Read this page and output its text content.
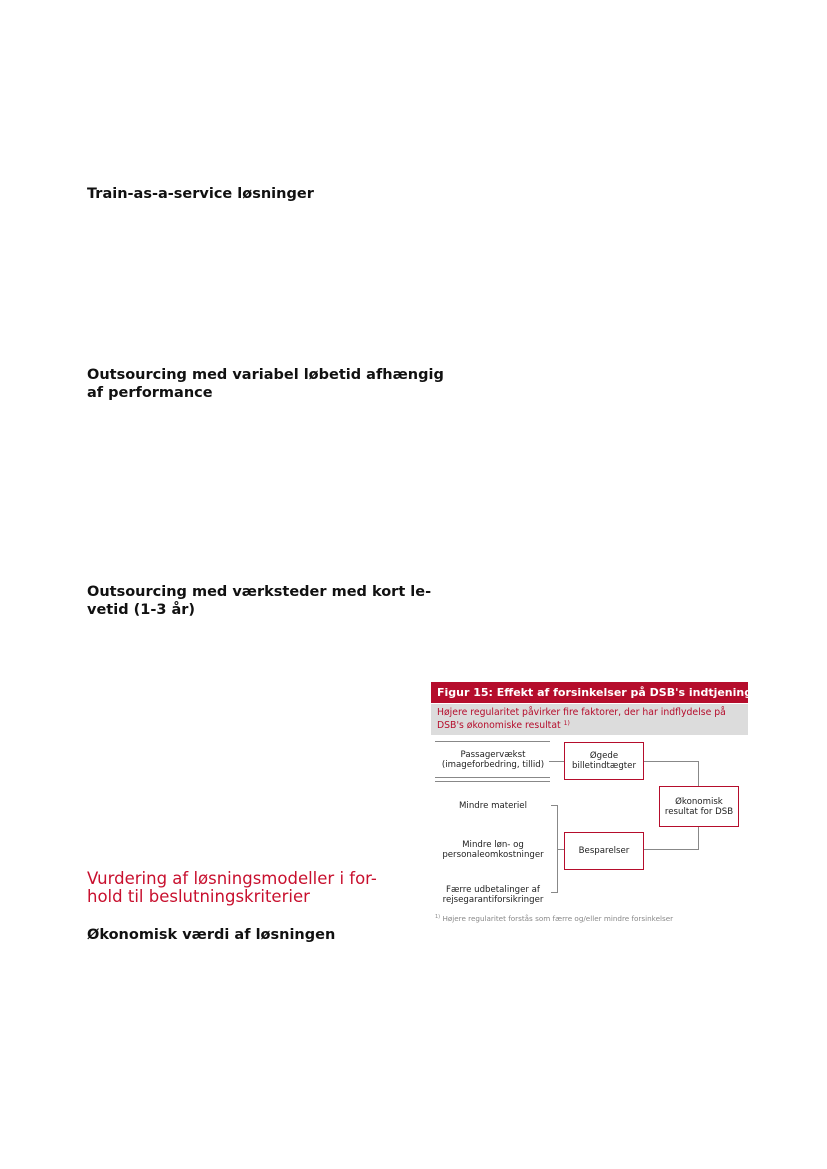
Train-as-a-service løsninger
Outsourcing med variabel løbetid afhængig
af performance
Outsourcing med værksteder med kort le-
vetid (1-3 år)
Vurdering af løsningsmodeller i for-
hold til beslutningskriterier
Økonomisk værdi af løsningen
Figur 15: Effekt af forsinkelser på DSB's indtjening
Højere regularitet påvirker fire faktorer, der har indflydelse på DSB's økonomiske resultat $^{1)}$
Passagervækst
(imageforbedring, tillid)
Mindre materiel
Mindre løn- og
personaleomkostninger
Færre udbetalinger af
rejsegarantiforsikringer
Øgede
billetindtægter
Besparelser
Økonomisk
resultat for DSB
$^{1)}$ Højere regularitet forstås som færre og/eller mindre forsinkelser
